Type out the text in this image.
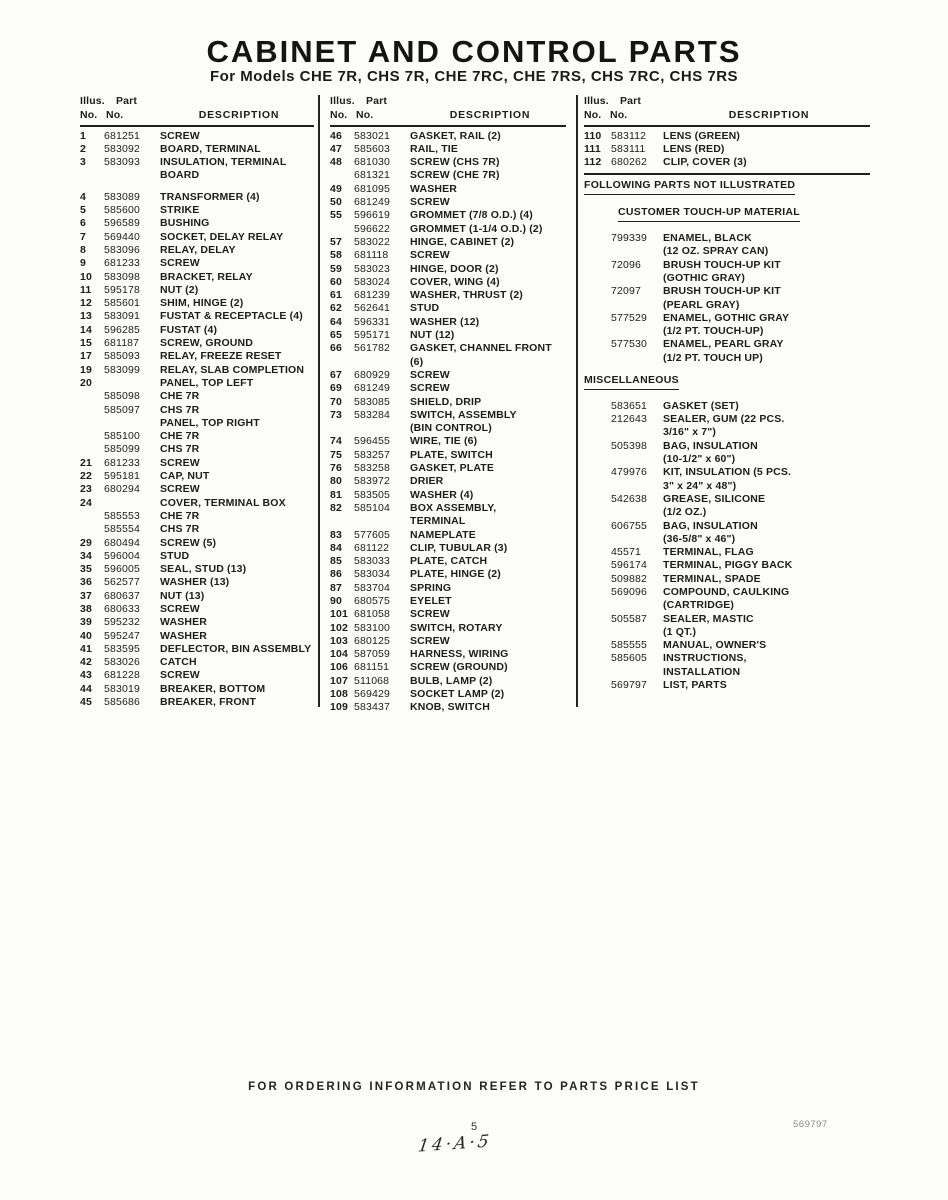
CABINET AND CONTROL PARTS
For Models CHE 7R, CHS 7R, CHE 7RC, CHE 7RS, CHS 7RC, CHS 7RS
Illus.	Part
No. No.	DESCRIPTION
1	681251	SCREW
2	583092	BOARD, TERMINAL
3	583093	INSULATION, TERMINAL
BOARD
4	583089	TRANSFORMER (4)
5	585600	STRIKE
6	596589	BUSHING
7	569440	SOCKET, DELAY RELAY
8	583096	RELAY, DELAY
9	681233	SCREW
10	583098	BRACKET, RELAY
11	595178	NUT (2)
12	585601	SHIM, HINGE (2)
13	583091	FUSTAT & RECEPTACLE (4)
14	596285	FUSTAT (4)
15	681187	SCREW, GROUND
17	585093	RELAY, FREEZE RESET
19	583099	RELAY, SLAB COMPLETION
20	PANEL, TOP LEFT
585098	CHE 7R
585097	CHS 7R
PANEL, TOP RIGHT
585100	CHE 7R
585099	CHS 7R
21	681233	SCREW
22	595181	CAP, NUT
23	680294	SCREW
24	COVER, TERMINAL BOX
585553	CHE 7R
585554	CHS 7R
29	680494	SCREW (5)
34	596004	STUD
35	596005	SEAL, STUD (13)
36	562577	WASHER (13)
37	680637	NUT (13)
38	680633	SCREW
39	595232	WASHER
40	595247	WASHER
41	583595	DEFLECTOR, BIN ASSEMBLY
42	583026	CATCH
43	681228	SCREW
44	583019	BREAKER, BOTTOM
45	585686	BREAKER, FRONT
Illus.	Part
No. No.	DESCRIPTION
46	583021	GASKET, RAIL (2)
47	585603	RAIL, TIE
48	681030	SCREW (CHS 7R)
681321	SCREW (CHE 7R)
49	681095	WASHER
50	681249	SCREW
55	596619	GROMMET (7/8 O.D.) (4)
596622	GROMMET (1-1/4 O.D.) (2)
57	583022	HINGE, CABINET (2)
58	681118	SCREW
59	583023	HINGE, DOOR (2)
60	583024	COVER, WING (4)
61	681239	WASHER, THRUST (2)
62	562641	STUD
64	596331	WASHER (12)
65	595171	NUT (12)
66	561782	GASKET, CHANNEL FRONT (6)
67	680929	SCREW
69	681249	SCREW
70	583085	SHIELD, DRIP
73	583284	SWITCH, ASSEMBLY
(BIN CONTROL)
74	596455	WIRE, TIE (6)
75	583257	PLATE, SWITCH
76	583258	GASKET, PLATE
80	583972	DRIER
81	583505	WASHER (4)
82	585104	BOX ASSEMBLY,
TERMINAL
83	577605	NAMEPLATE
84	681122	CLIP, TUBULAR (3)
85	583033	PLATE, CATCH
86	583034	PLATE, HINGE (2)
87	583704	SPRING
90	680575	EYELET
101 681058	SCREW
102 583100	SWITCH, ROTARY
103 680125	SCREW
104 587059	HARNESS, WIRING
106 681151	SCREW (GROUND)
107 511068	BULB, LAMP (2)
108 569429	SOCKET LAMP (2)
109 583437	KNOB, SWITCH
Illus.	Part
No. No.	DESCRIPTION
110 583112	LENS (GREEN)
111 583111	LENS (RED)
112 680262	CLIP, COVER (3)
FOLLOWING PARTS NOT ILLUSTRATED
CUSTOMER TOUCH-UP MATERIAL
799339	ENAMEL, BLACK
(12 OZ. SPRAY CAN)
72096	BRUSH TOUCH-UP KIT
(GOTHIC GRAY)
72097	BRUSH TOUCH-UP KIT
(PEARL GRAY)
577529	ENAMEL, GOTHIC GRAY
(1/2 PT. TOUCH-UP)
577530	ENAMEL, PEARL GRAY
(1/2 PT. TOUCH UP)
MISCELLANEOUS
583651	GASKET (SET)
212643	SEALER, GUM (22 PCS.
3/16" x 7")
505398	BAG, INSULATION
(10-1/2" x 60")
479976	KIT, INSULATION (5 PCS.
3" x 24" x 48")
542638	GREASE, SILICONE
(1/2 OZ.)
606755	BAG, INSULATION
(36-5/8" x 46")
45571	TERMINAL, FLAG
596174	TERMINAL, PIGGY BACK
509882	TERMINAL, SPADE
569096	COMPOUND, CAULKING
(CARTRIDGE)
505587	SEALER, MASTIC
(1 QT.)
585555	MANUAL, OWNER'S
585605	INSTRUCTIONS,
INSTALLATION
569797	LIST, PARTS
FOR ORDERING INFORMATION REFER TO PARTS PRICE LIST
5	569797
14·A·5
